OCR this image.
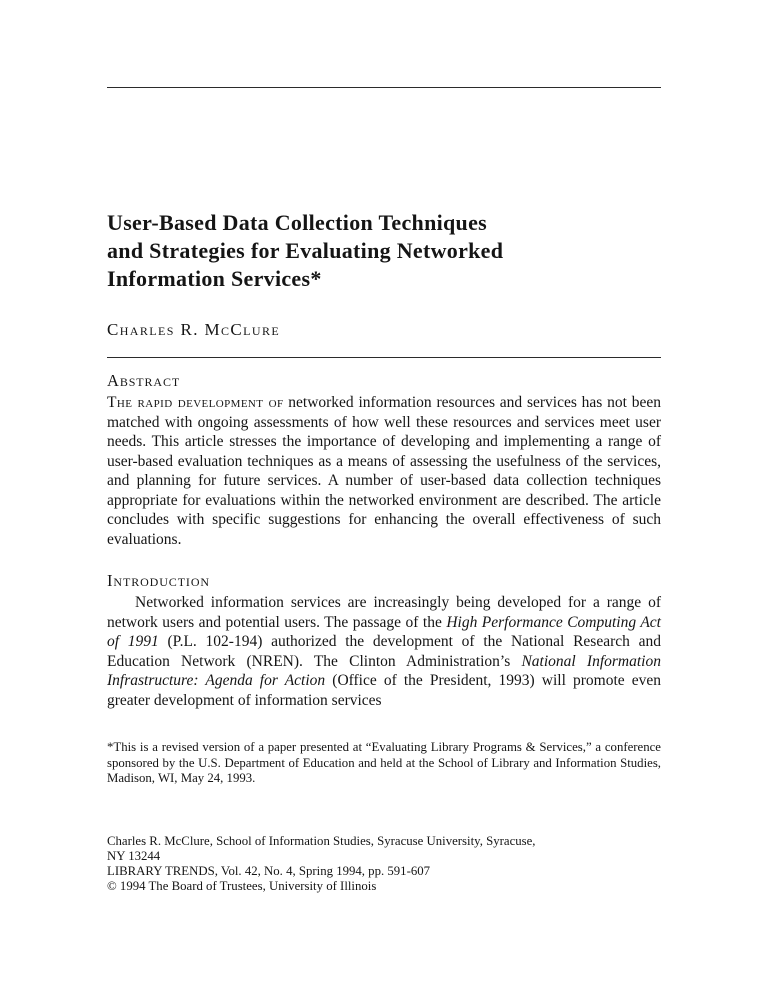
User-Based Data Collection Techniques
and Strategies for Evaluating Networked
Information Services*
Charles R. McClure
Abstract

The rapid development of networked information resources and services has not been matched with ongoing assessments of how well these resources and services meet user needs. This article stresses the importance of developing and implementing a range of user-based evaluation techniques as a means of assessing the usefulness of the services, and planning for future services. A number of user-based data collection techniques appropriate for evaluations within the networked environment are described. The article concludes with specific suggestions for enhancing the overall effectiveness of such evaluations.

Introduction

Networked information services are increasingly being developed for a range of network users and potential users. The passage of the High Performance Computing Act of 1991 (P.L. 102-194) authorized the development of the National Research and Education Network (NREN). The Clinton Administration’s National Information Infrastructure: Agenda for Action (Office of the President, 1993) will promote even greater development of information services

*This is a revised version of a paper presented at “Evaluating Library Programs & Services,” a conference sponsored by the U.S. Department of Education and held at the School of Library and Information Studies, Madison, WI, May 24, 1993.

Charles R. McClure, School of Information Studies, Syracuse University, Syracuse,

NY 13244

LIBRARY TRENDS, Vol. 42, No. 4, Spring 1994, pp. 591-607

© 1994 The Board of Trustees, University of Illinois
